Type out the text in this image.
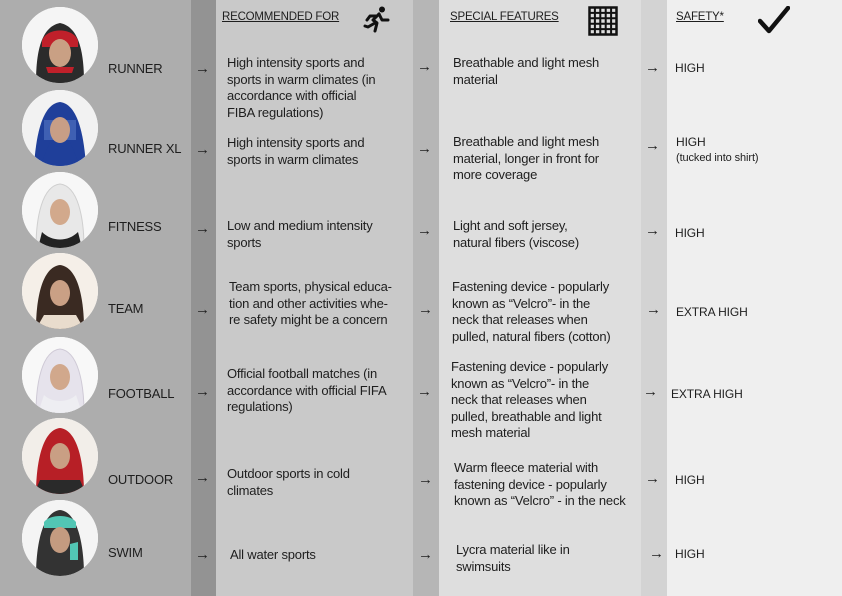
RECOMMENDED FOR	SPECIAL FEATURES	SAFETY*
RUNNER → High intensity sports and
sports in warm climates (in
accordance with official
FIBA regulations)
→ Breathable and light mesh
material
→ HIGH
RUNNER XL → High intensity sports and
sports in warm climates
→ Breathable and light mesh
material, longer in front for
more coverage
→ HIGH
(tucked into shirt)
FITNESS → Low and medium intensity
sports
→ Light and soft jersey,
natural fibers (viscose)
→ HIGH
TEAM	→
Team sports, physical educa-
tion and other activities whe-
re safety might be a concern
→
Fastening device - popularly
known as “Velcro”- in the
neck that releases when
pulled, natural fibers (cotton)
→ EXTRA HIGH
FOOTBALL →
Official football matches (in
accordance with official FIFA
regulations)
→
Fastening device - popularly
known as “Velcro”- in the
neck that releases when
pulled, breathable and light
mesh material
→ EXTRA HIGH
OUTDOOR → Outdoor sports in cold
climates
→
Warm fleece material with
fastening device - popularly
known as “Velcro” - in the neck
→ HIGH
SWIM	→ All water sports	→ Lycra material like in
swimsuits
→ HIGH
